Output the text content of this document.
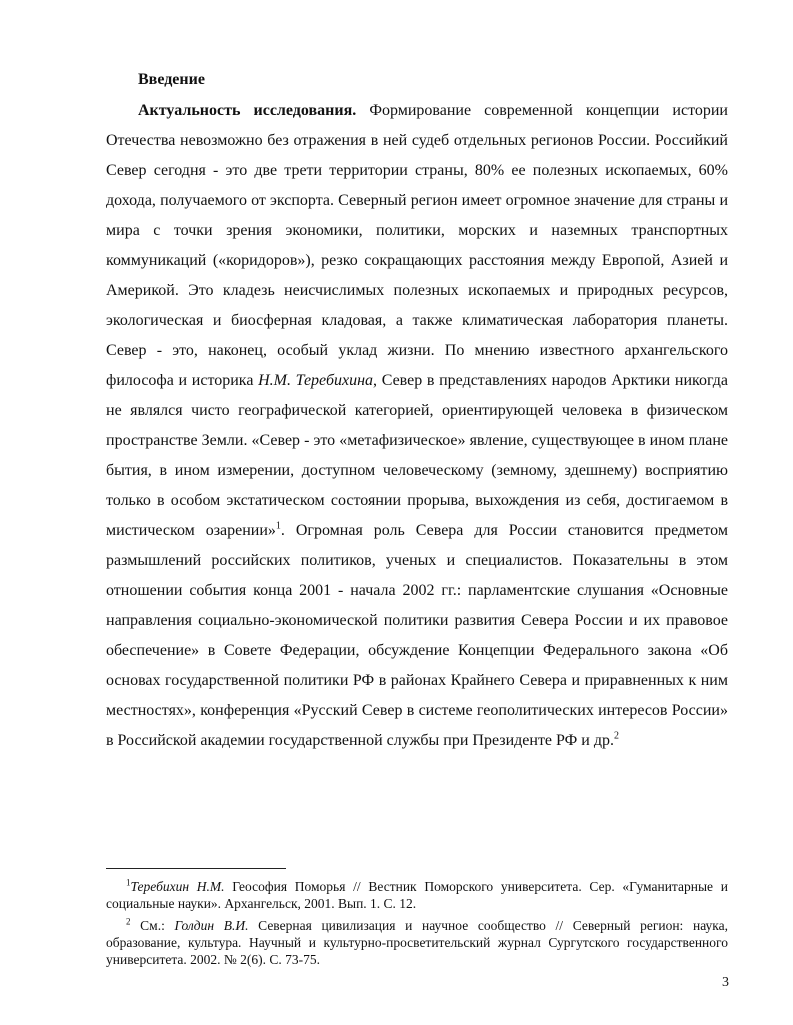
Введение

Актуальность исследования. Формирование современной концепции истории Отечества невозможно без отражения в ней судеб отдельных регионов России. Российкий Север сегодня - это две трети территории страны, 80% ее полезных ископаемых, 60% дохода, получаемого от экспорта. Северный регион имеет огромное значение для страны и мира с точки зрения экономики, политики, морских и наземных транспортных коммуникаций («коридоров»), резко сокращающих расстояния между Европой, Азией и Америкой. Это кладезь неисчислимых полезных ископаемых и природных ресурсов, экологическая и биосферная кладовая, а также климатическая лаборатория планеты. Север - это, наконец, особый уклад жизни. По мнению известного архангельского философа и историка Н.М. Теребихина, Север в представлениях народов Арктики никогда не являлся чисто географической категорией, ориентирующей человека в физическом пространстве Земли. «Север - это «метафизическое» явление, существующее в ином плане бытия, в ином измерении, доступном человеческому (земному, здешнему) восприятию только в особом экстатическом состоянии прорыва, выхождения из себя, достигаемом в мистическом озарении»$^1$. Огромная роль Севера для России становится предметом размышлений российских политиков, ученых и специалистов. Показательны в этом отношении события конца 2001 - начала 2002 гг.: парламентские слушания «Основные направления социально-экономической политики развития Севера России и их правовое обеспечение» в Совете Федерации, обсуждение Концепции Федерального закона «Об основах государственной политики РФ в районах Крайнего Севера и приравненных к ним местностях», конференция «Русский Север в системе геополитических интересов России» в Российской академии государственной службы при Президенте РФ и др.$^2$

$^1$Теребихин Н.М. Геософия Поморья // Вестник Поморского университета. Сер. «Гуманитарные и социальные науки». Архангельск, 2001. Вып. 1. С. 12.

$^2$ См.: Голдин В.И. Северная цивилизация и научное сообщество // Северный регион: наука, образование, культура. Научный и культурно-просветительский журнал Сургутского государственного университета. 2002. № 2(6). С. 73-75.

3
